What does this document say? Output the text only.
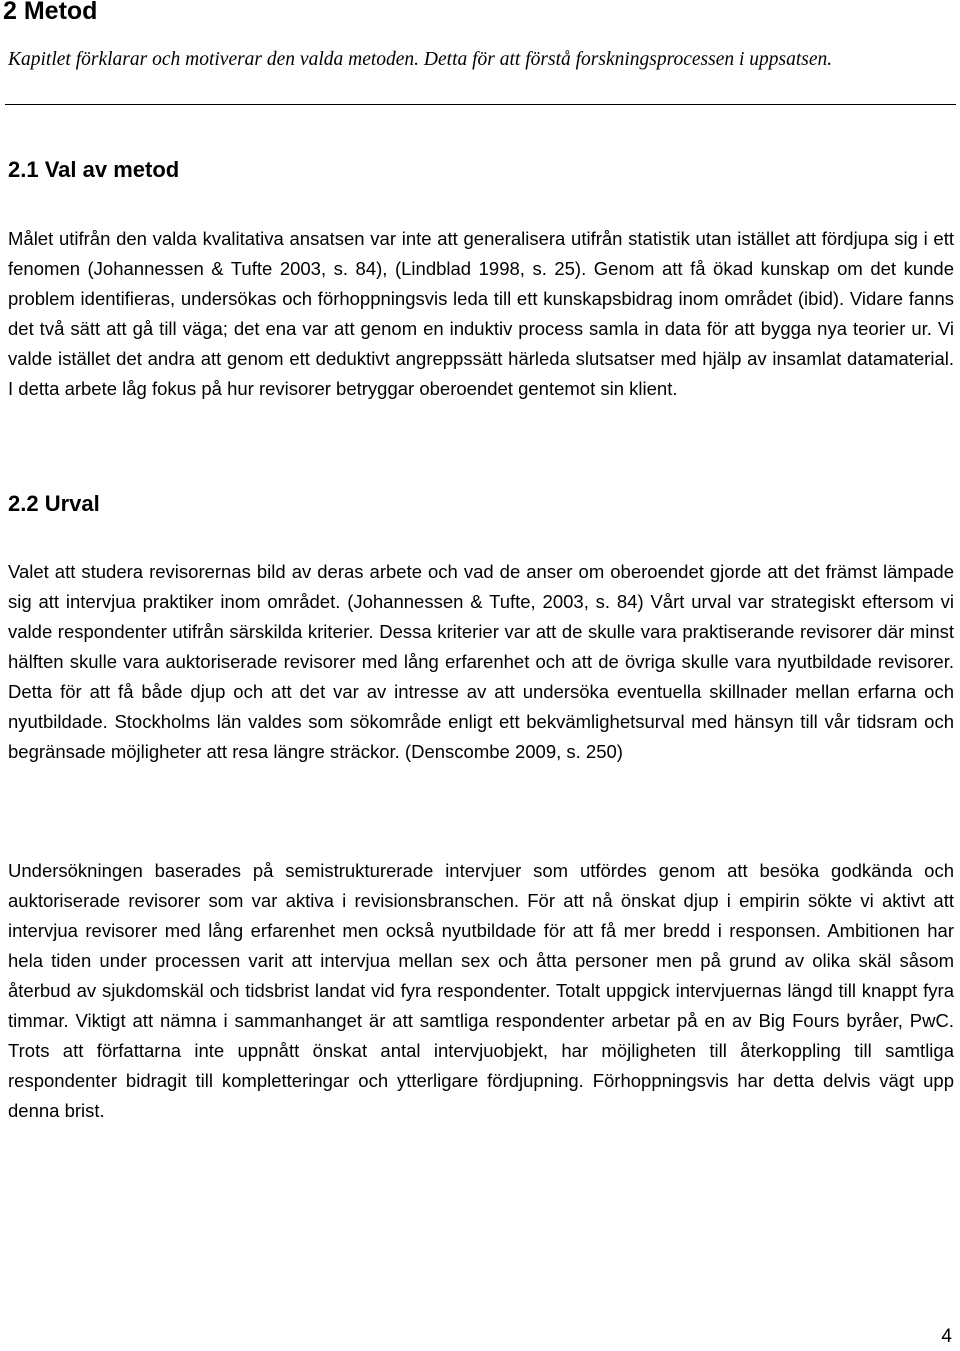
2 Metod
Kapitlet förklarar och motiverar den valda metoden. Detta för att förstå forskningsprocessen i uppsatsen.
2.1 Val av metod

Målet utifrån den valda kvalitativa ansatsen var inte att generalisera utifrån statistik utan istället att fördjupa sig i ett fenomen (Johannessen & Tufte 2003, s. 84), (Lindblad 1998, s. 25). Genom att få ökad kunskap om det kunde problem identifieras, undersökas och förhoppningsvis leda till ett kunskapsbidrag inom området (ibid). Vidare fanns det två sätt att gå till väga; det ena var att genom en induktiv process samla in data för att bygga nya teorier ur. Vi valde istället det andra att genom ett deduktivt angreppssätt härleda slutsatser med hjälp av insamlat datamaterial. I detta arbete låg fokus på hur revisorer betryggar oberoendet gentemot sin klient.

2.2 Urval

Valet att studera revisorernas bild av deras arbete och vad de anser om oberoendet gjorde att det främst lämpade sig att intervjua praktiker inom området. (Johannessen & Tufte, 2003, s. 84) Vårt urval var strategiskt eftersom vi valde respondenter utifrån särskilda kriterier. Dessa kriterier var att de skulle vara praktiserande revisorer där minst hälften skulle vara auktoriserade revisorer med lång erfarenhet och att de övriga skulle vara nyutbildade revisorer. Detta för att få både djup och att det var av intresse av att undersöka eventuella skillnader mellan erfarna och nyutbildade. Stockholms län valdes som sökområde enligt ett bekvämlighetsurval med hänsyn till vår tidsram och begränsade möjligheter att resa längre sträckor. (Denscombe 2009, s. 250)

Undersökningen baserades på semistrukturerade intervjuer som utfördes genom att besöka godkända och auktoriserade revisorer som var aktiva i revisionsbranschen. För att nå önskat djup i empirin sökte vi aktivt att intervjua revisorer med lång erfarenhet men också nyutbildade för att få mer bredd i responsen. Ambitionen har hela tiden under processen varit att intervjua mellan sex och åtta personer men på grund av olika skäl såsom återbud av sjukdomskäl och tidsbrist landat vid fyra respondenter. Totalt uppgick intervjuernas längd till knappt fyra timmar. Viktigt att nämna i sammanhanget är att samtliga respondenter arbetar på en av Big Fours byråer, PwC. Trots att författarna inte uppnått önskat antal intervjuobjekt, har möjligheten till återkoppling till samtliga respondenter bidragit till kompletteringar och ytterligare fördjupning. Förhoppningsvis har detta delvis vägt upp denna brist.

4
